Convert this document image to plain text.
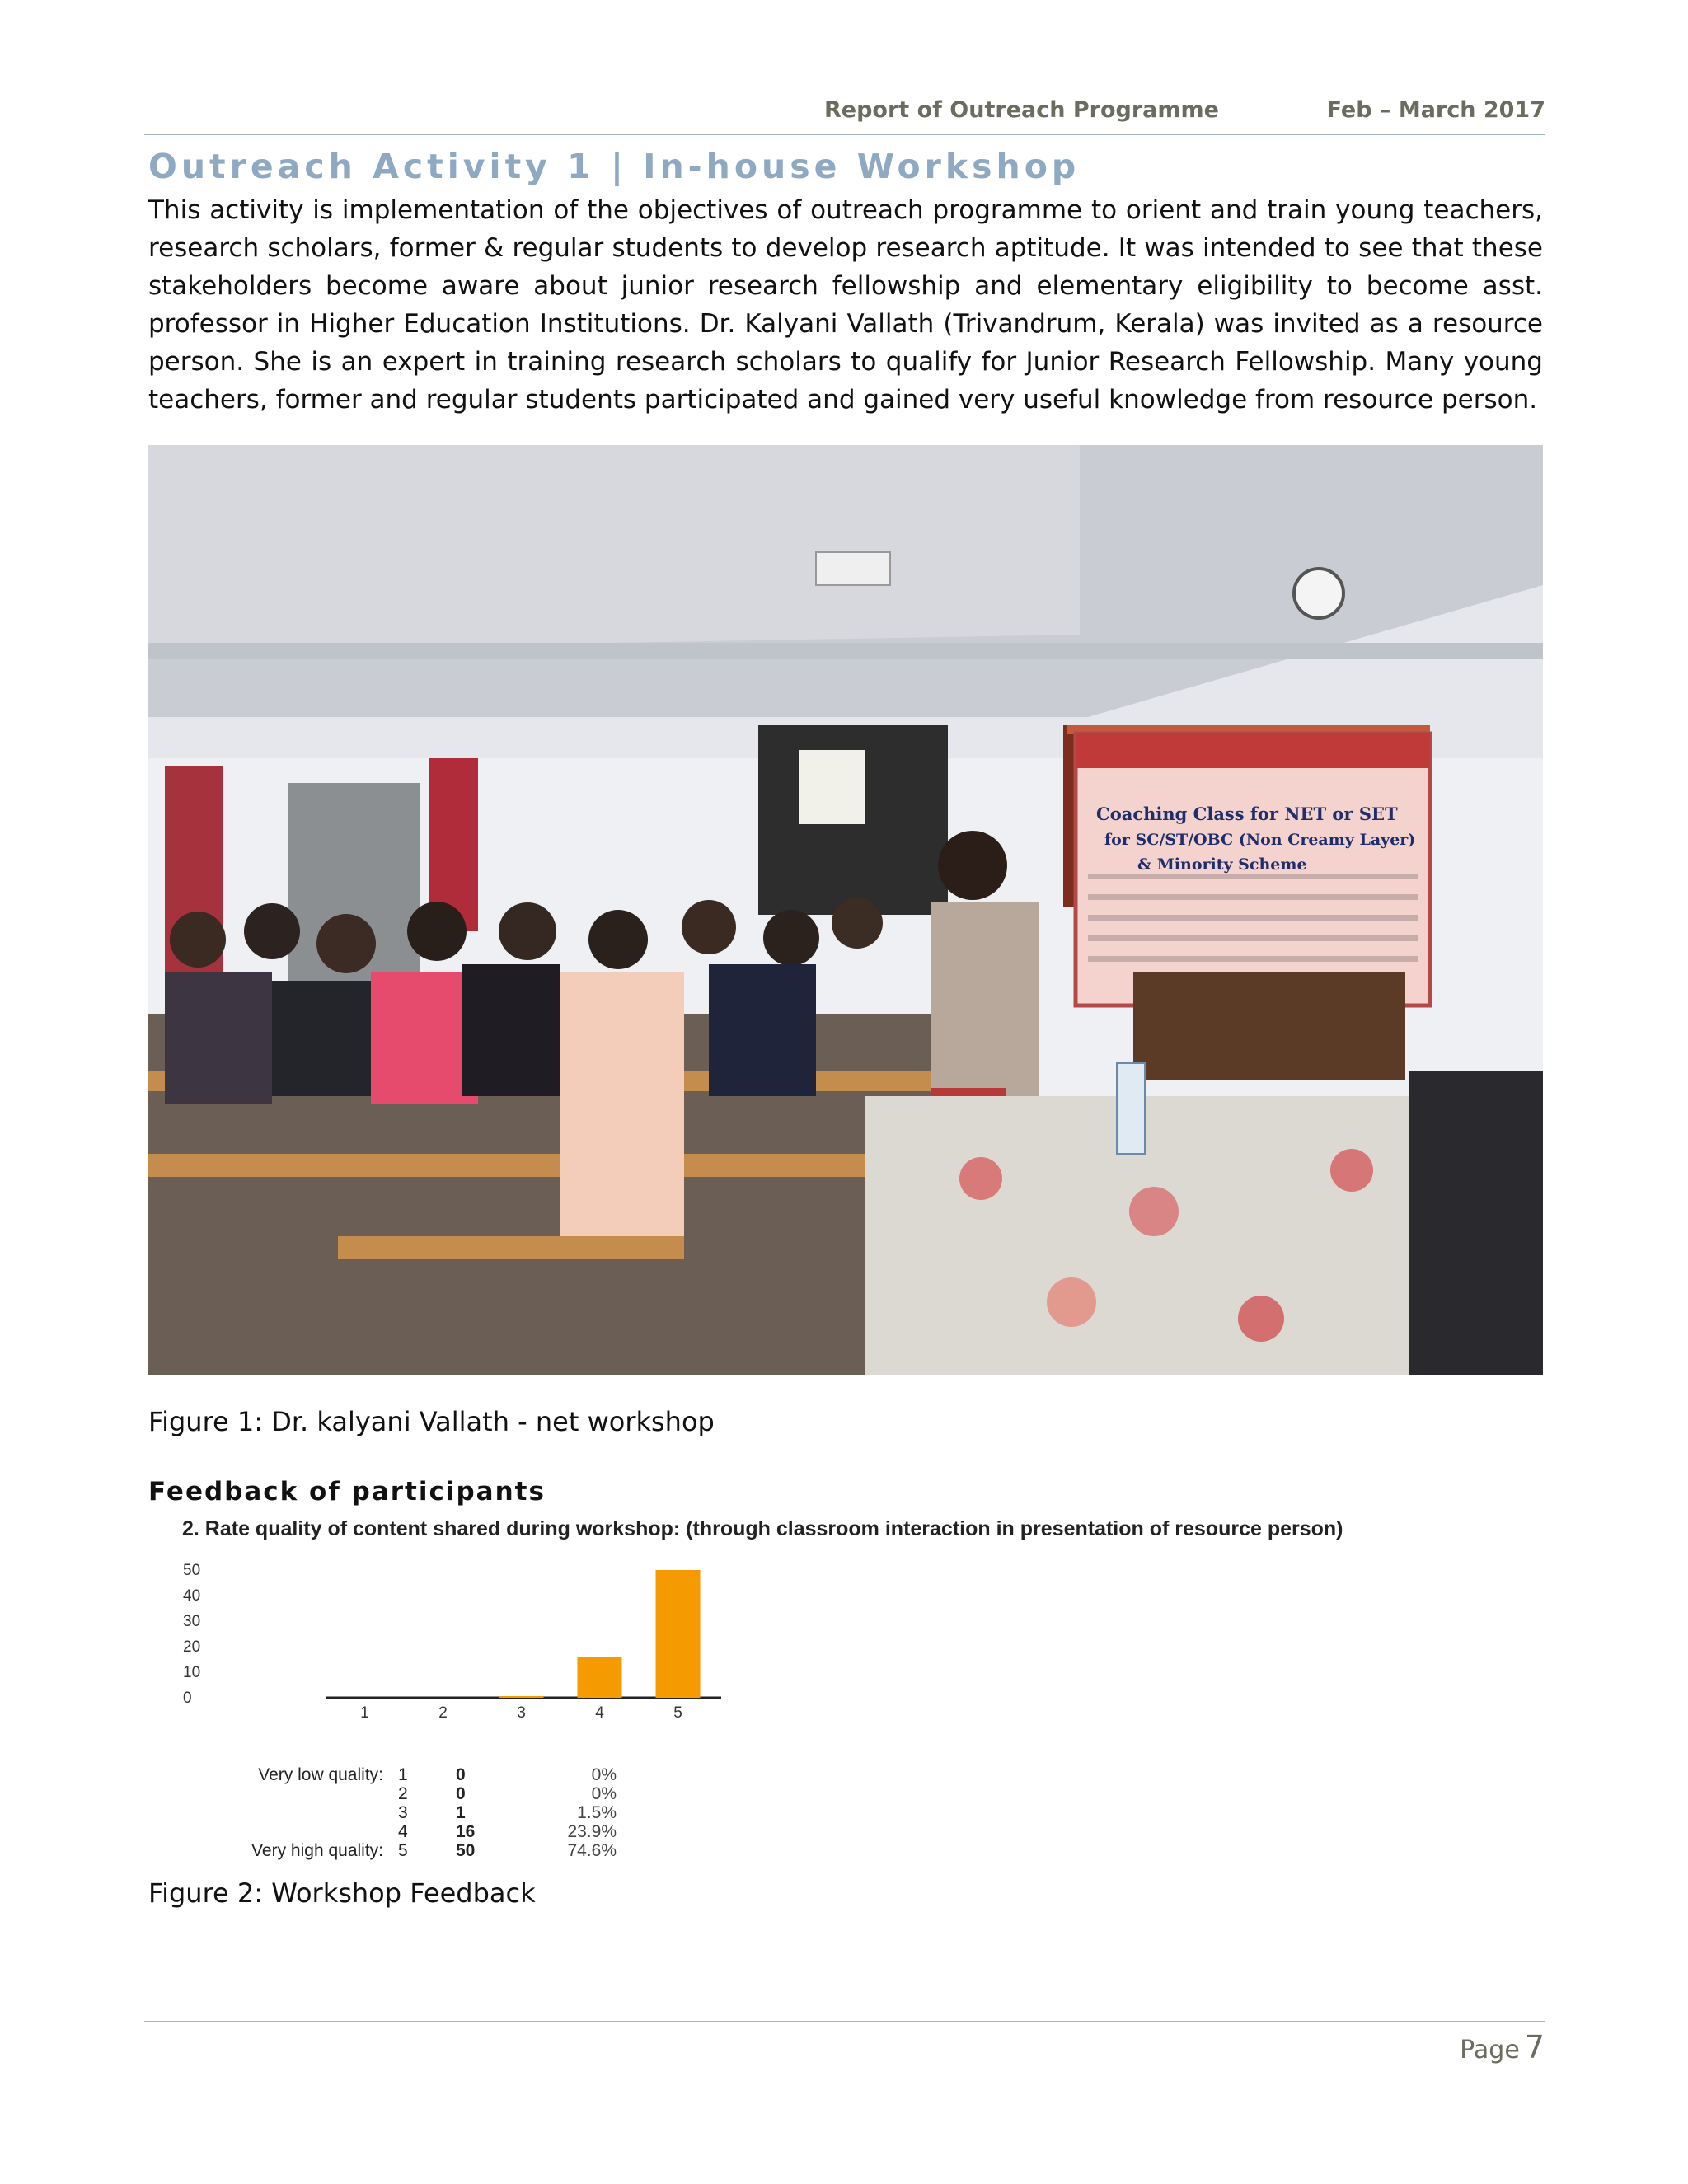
Report of Outreach Programme	Feb – March 2017
Outreach Activity 1 | In-house Workshop
This activity is implementation of the objectives of outreach programme to orient and train young teachers, research scholars, former & regular students to develop research aptitude. It was intended to see that these stakeholders become aware about junior research fellowship and elementary eligibility to become asst. professor in Higher Education Institutions. Dr. Kalyani Vallath (Trivandrum, Kerala) was invited as a resource person. She is an expert in training research scholars to qualify for Junior Research Fellowship. Many young teachers, former and regular students participated and gained very useful knowledge from resource person.
Coaching Class for NET or SET
for SC/ST/OBC (Non Creamy Layer)
& Minority Scheme
Figure 1: Dr. kalyani Vallath - net workshop
Feedback of participants
2. Rate quality of content shared during workshop: (through classroom interaction in presentation of resource person)
0
10
20
30
40
50
1	2	3	4	5
Very low quality: 1	0	0%
2	0	0%
3	1	1.5%
4	16	23.9%
Very high quality: 5	50	74.6%
Figure 2: Workshop Feedback
Page 7
